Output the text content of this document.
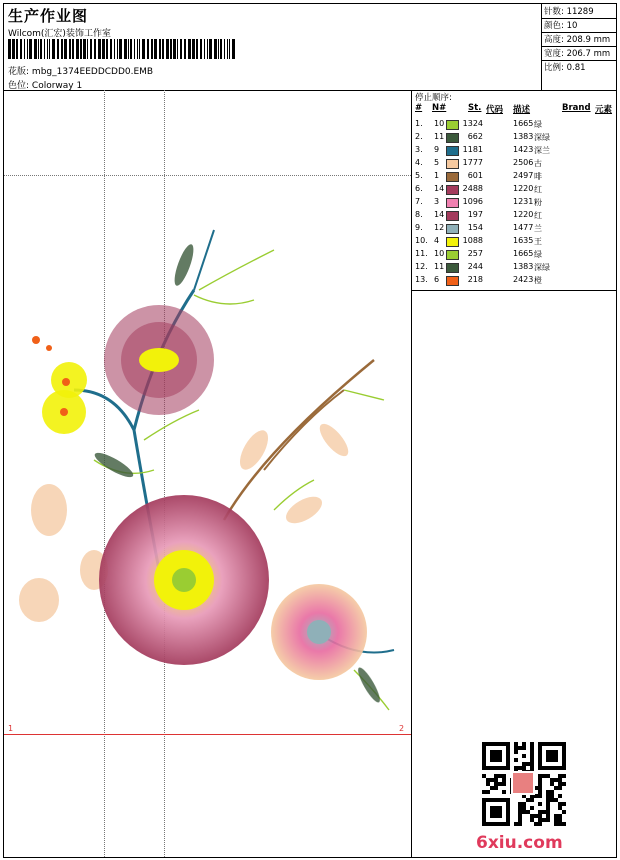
生产作业图
Wilcom(汇宏)装饰工作室
花版: mbg_1374EEDDCDD0.EMB
色位: Colorway 1
针数: 11289
颜色: 10
高度: 208.9 mm
宽度: 206.7 mm
比例: 0.81
1	2
停止顺序:
# N#	St. 代码 描述	Brand 元素
1. 10 1324	1665 绿
2. 11	662	1383 深绿
3. 9	1181	1423 深兰
4. 5	1777	2506 古
5. 1	601	2497 啡
6. 14 2488	1220 红
7. 3	1096	1231 粉
8. 14	197	1220 红
9. 12	154	1477 兰
10. 4	1088	1635 王
11. 10	257	1665 绿
12. 11	244	1383 深绿
13. 6	218	2423 橙
6xiu.com
